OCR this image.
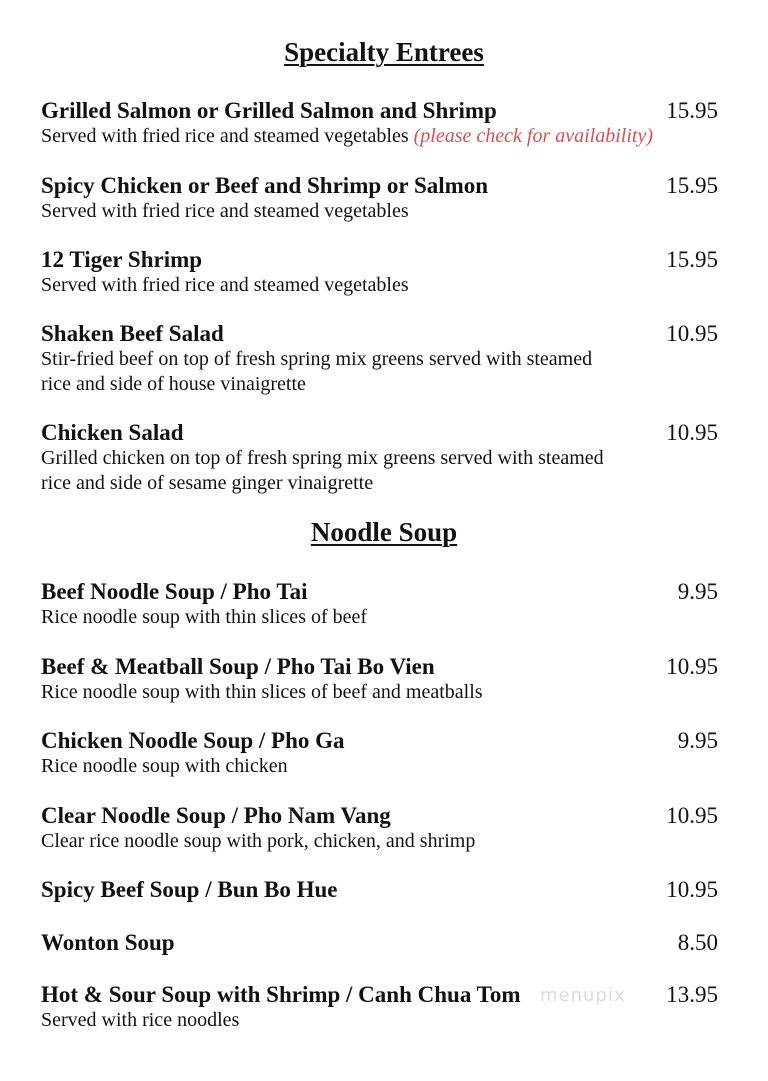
Specialty Entrees
Grilled Salmon or Grilled Salmon and Shrimp	15.95
Served with fried rice and steamed vegetables (please check for availability)
Spicy Chicken or Beef and Shrimp or Salmon	15.95
Served with fried rice and steamed vegetables
12 Tiger Shrimp	15.95
Served with fried rice and steamed vegetables
Shaken Beef Salad	10.95
Stir-fried beef on top of fresh spring mix greens served with steamed
rice and side of house vinaigrette
Chicken Salad	10.95
Grilled chicken on top of fresh spring mix greens served with steamed
rice and side of sesame ginger vinaigrette
Noodle Soup
Beef Noodle Soup / Pho Tai	9.95
Rice noodle soup with thin slices of beef
Beef & Meatball Soup / Pho Tai Bo Vien	10.95
Rice noodle soup with thin slices of beef and meatballs
Chicken Noodle Soup / Pho Ga	9.95
Rice noodle soup with chicken
Clear Noodle Soup / Pho Nam Vang	10.95
Clear rice noodle soup with pork, chicken, and shrimp
Spicy Beef Soup / Bun Bo Hue	10.95
Wonton Soup	8.50
menupix
Hot & Sour Soup with Shrimp / Canh Chua Tom	13.95
Served with rice noodles
